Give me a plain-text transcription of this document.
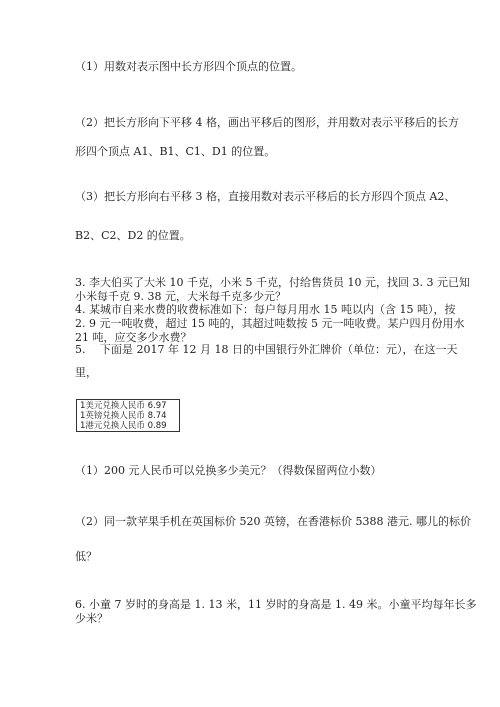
（1）用数对表示图中长方形四个顶点的位置。
（2）把长方形向下平移 4 格，画出平移后的图形，并用数对表示平移后的长方
形四个顶点 A1、B1、C1、D1 的位置。
（3）把长方形向右平移 3 格，直接用数对表示平移后的长方形四个顶点 A2、
B2、C2、D2 的位置。
3. 李大伯买了大米 10 千克，小米 5 千克，付给售货员 10 元，找回 3. 3 元已知
小米每千克 9. 38 元，大米每千克多少元？
4. 某城市自来水费的收费标准如下：每户每月用水 15 吨以内（含 15 吨），按
2. 9 元一吨收费，超过 15 吨的，其超过吨数按 5 元一吨收费。某户四月份用水
21 吨，应交多少水费？
5.　 下面是 2017 年 12 月 18 日的中国银行外汇牌价（单位：元），在这一天
里，
1美元兑换人民币 6.97
1英镑兑换人民币 8.74
1港元兑换人民币 0.89
（1）200 元人民币可以兑换多少美元？（得数保留两位小数）
（2）同一款苹果手机在英国标价 520 英镑，在香港标价 5388 港元. 哪儿的标价
低？
6. 小童 7 岁时的身高是 1. 13 米，11 岁时的身高是 1. 49 米。小童平均每年长多
少米？
